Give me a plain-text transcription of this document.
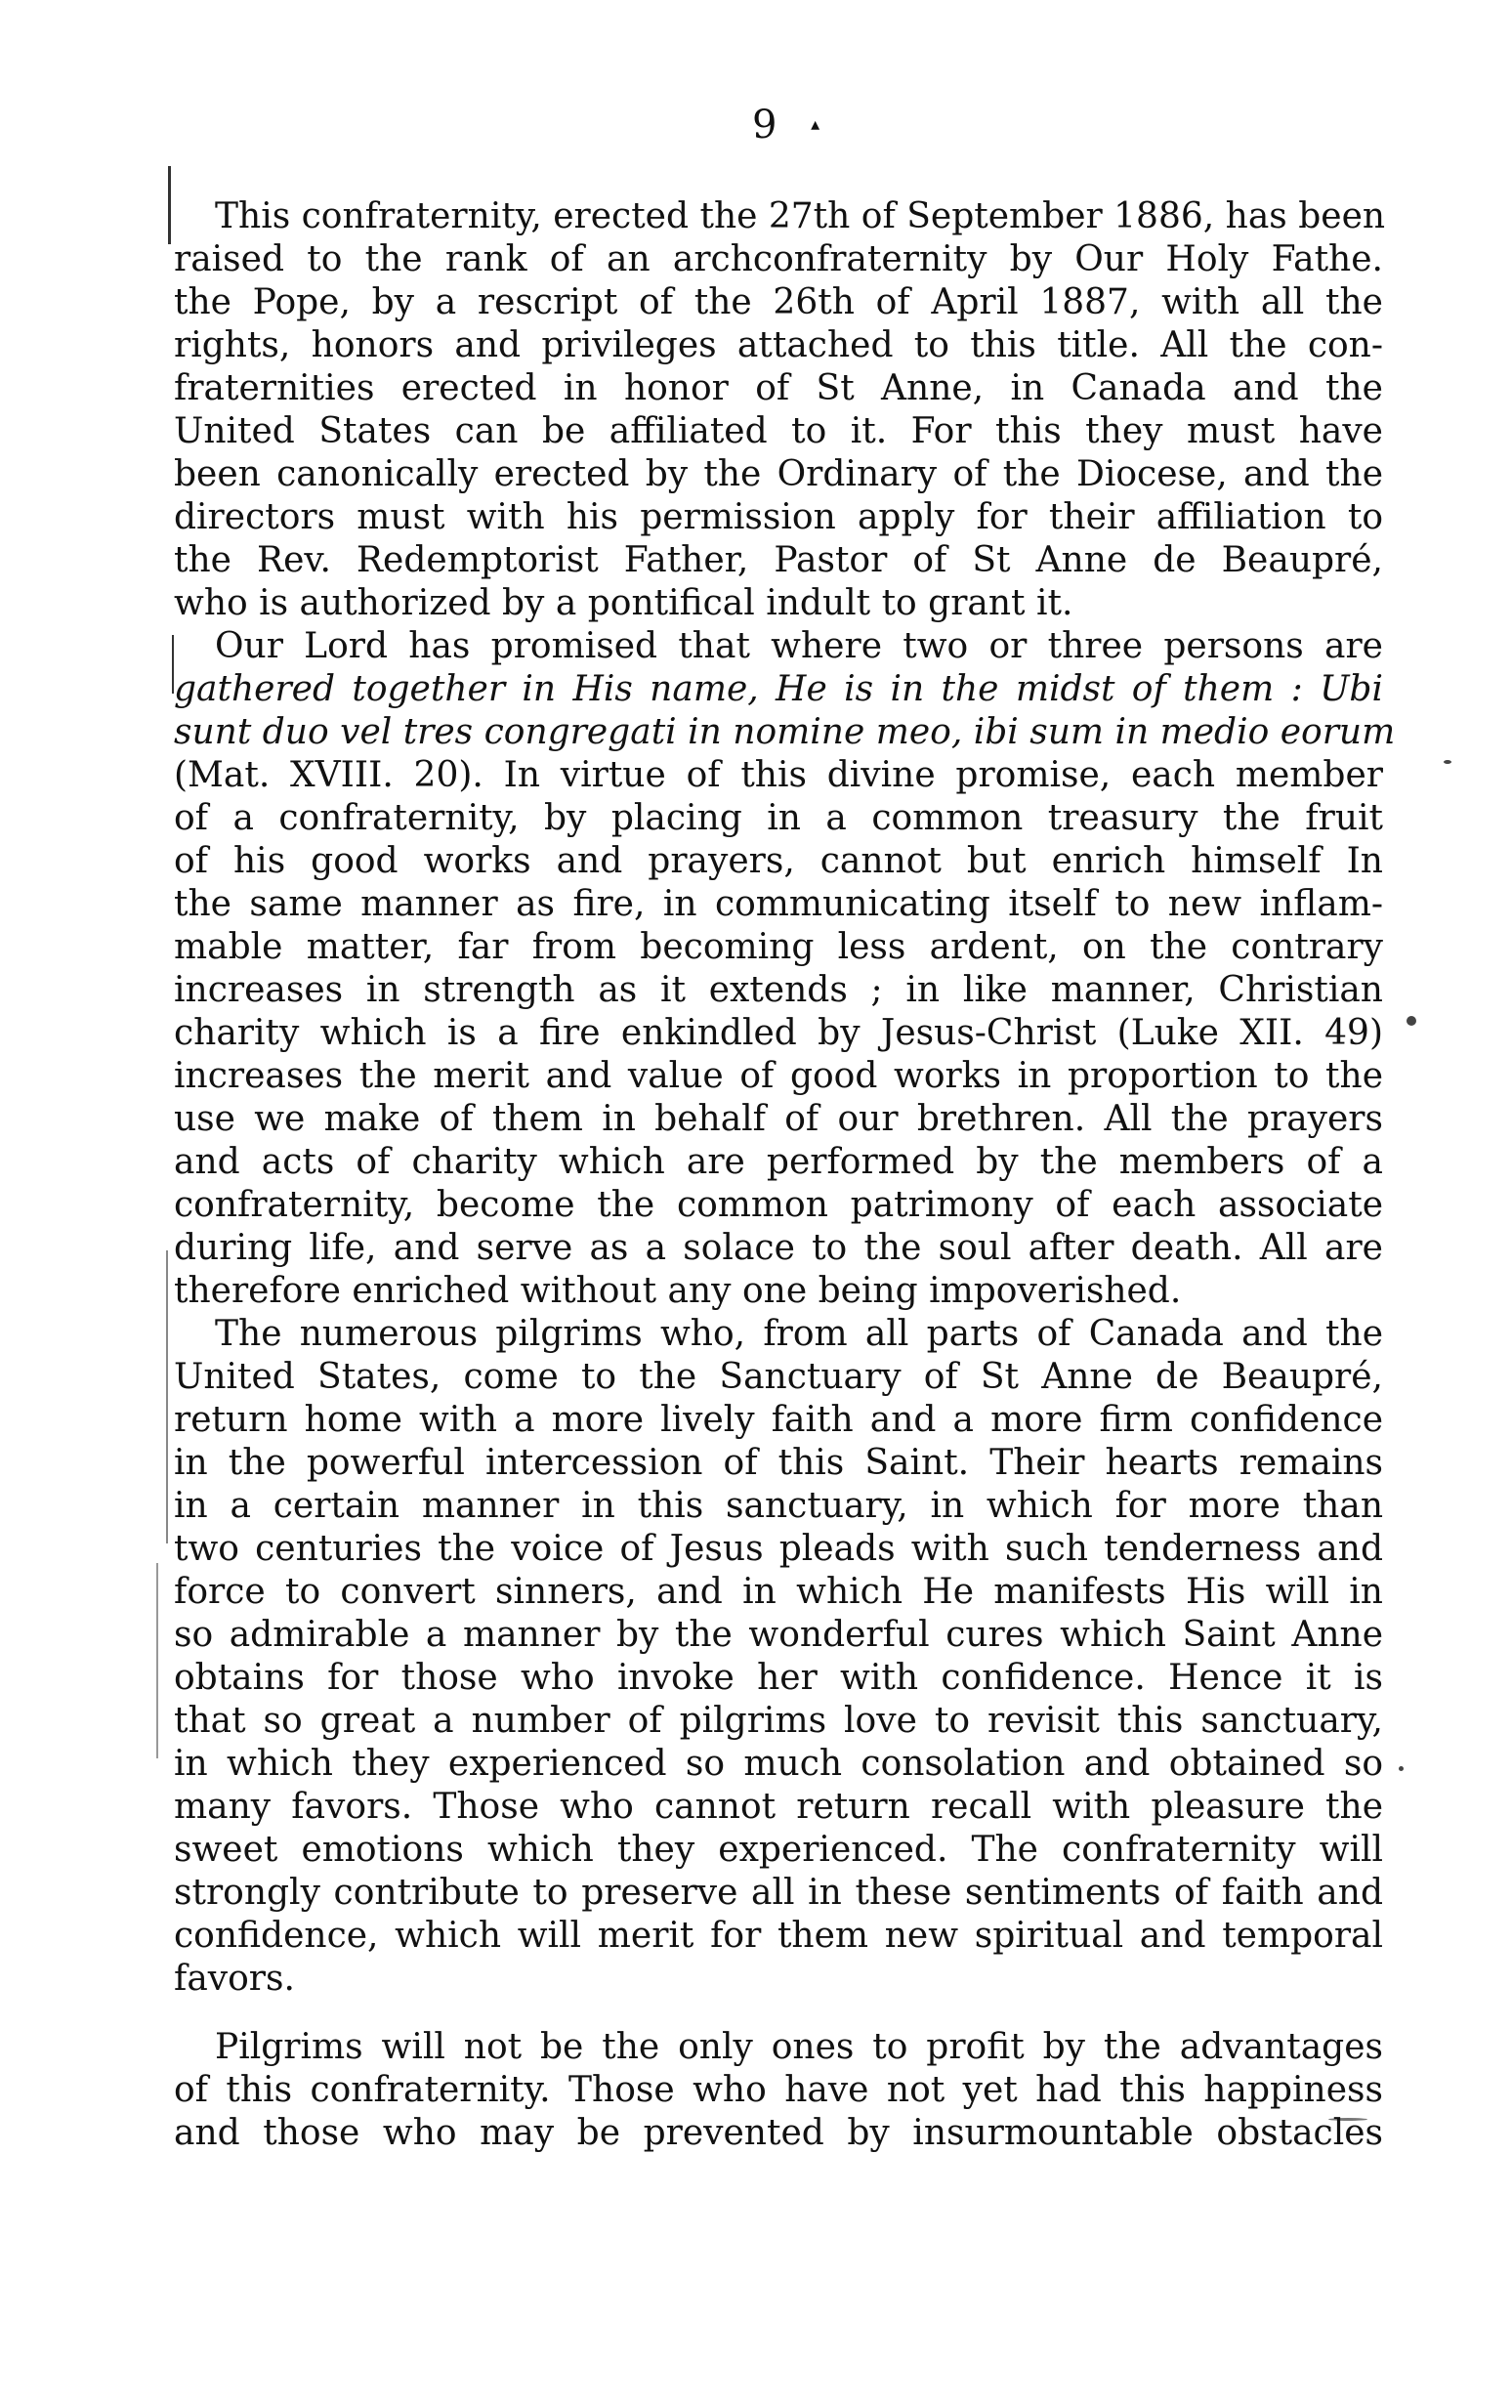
9 ▴
This confraternity, erected the 27th of September 1886, has been
raised to the rank of an archconfraternity by Our Holy Fathe.
the Pope, by a rescript of the 26th of April 1887, with all the
rights, honors and privileges attached to this title. All the con-
fraternities erected in honor of St Anne, in Canada and the
United States can be affiliated to it. For this they must have
been canonically erected by the Ordinary of the Diocese, and the
directors must with his permission apply for their affiliation to
the Rev. Redemptorist Father, Pastor of St Anne de Beaupré,
who is authorized by a pontifical indult to grant it.
Our Lord has promised that where two or three persons are
gathered together in His name, He is in the midst of them : Ubi
sunt duo vel tres congregati in nomine meo, ibi sum in medio eorum
(Mat. XVIII. 20). In virtue of this divine promise, each member
of a confraternity, by placing in a common treasury the fruit
of his good works and prayers, cannot but enrich himself In
the same manner as fire, in communicating itself to new inflam-
mable matter, far from becoming less ardent, on the contrary
increases in strength as it extends ; in like manner, Christian
charity which is a fire enkindled by Jesus-Christ (Luke XII. 49)
increases the merit and value of good works in proportion to the
use we make of them in behalf of our brethren. All the prayers
and acts of charity which are performed by the members of a
confraternity, become the common patrimony of each associate
during life, and serve as a solace to the soul after death. All are
therefore enriched without any one being impoverished.
The numerous pilgrims who, from all parts of Canada and the
United States, come to the Sanctuary of St Anne de Beaupré,
return home with a more lively faith and a more firm confidence
in the powerful intercession of this Saint. Their hearts remains
in a certain manner in this sanctuary, in which for more than
two centuries the voice of Jesus pleads with such tenderness and
force to convert sinners, and in which He manifests His will in
so admirable a manner by the wonderful cures which Saint Anne
obtains for those who invoke her with confidence. Hence it is
that so great a number of pilgrims love to revisit this sanctuary,
in which they experienced so much consolation and obtained so
many favors. Those who cannot return recall with pleasure the
sweet emotions which they experienced. The confraternity will
strongly contribute to preserve all in these sentiments of faith and
confidence, which will merit for them new spiritual and temporal
favors.
Pilgrims will not be the only ones to profit by the advantages
of this confraternity. Those who have not yet had this happiness
and those who may be prevented by insurmountable obstacles
